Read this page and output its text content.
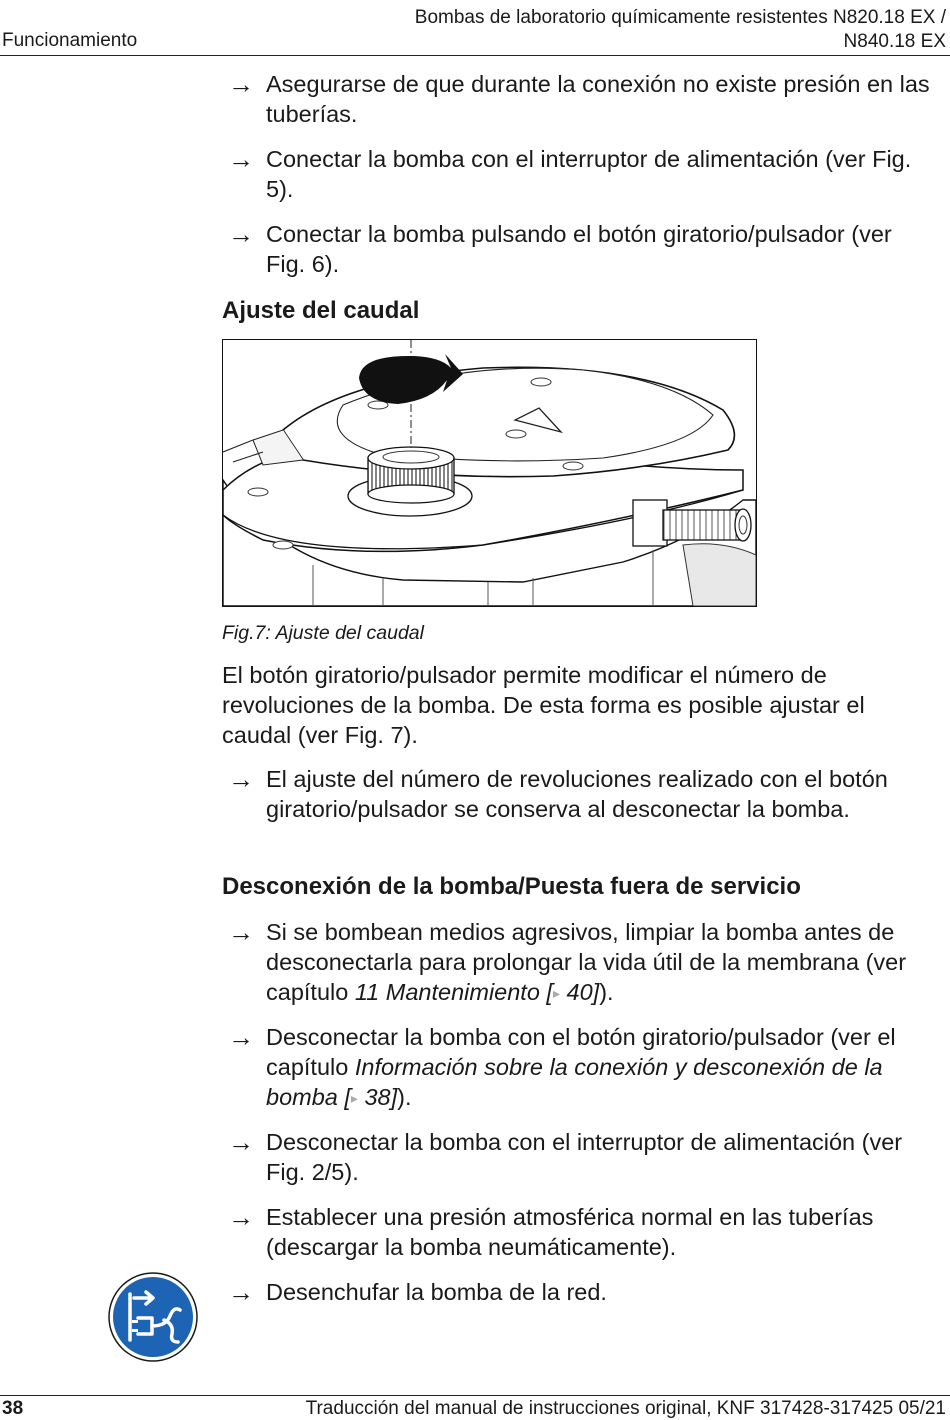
Bombas de laboratorio químicamente resistentes N820.18 EX /
N840.18 EX
Funcionamiento
→ Asegurarse de que durante la conexión no existe presión en las tuberías.
→ Conectar la bomba con el interruptor de alimentación (ver Fig. 5).
→ Conectar la bomba pulsando el botón giratorio/pulsador (ver Fig. 6).
Ajuste del caudal
Fig.7: Ajuste del caudal
El botón giratorio/pulsador permite modificar el número de revoluciones de la bomba. De esta forma es posible ajustar el caudal (ver Fig. 7).
→ El ajuste del número de revoluciones realizado con el botón giratorio/pulsador se conserva al desconectar la bomba.
Desconexión de la bomba/Puesta fuera de servicio
→ Si se bombean medios agresivos, limpiar la bomba antes de desconectarla para prolongar la vida útil de la membrana (ver capítulo 11 Mantenimiento [▸ 40]).
→ Desconectar la bomba con el botón giratorio/pulsador (ver el capítulo Información sobre la conexión y desconexión de la bomba [▸ 38]).
→ Desconectar la bomba con el interruptor de alimentación (ver Fig. 2/5).
→ Establecer una presión atmosférica normal en las tuberías (descargar la bomba neumáticamente).
→ Desenchufar la bomba de la red.
38	Traducción del manual de instrucciones original, KNF 317428-317425 05/21
